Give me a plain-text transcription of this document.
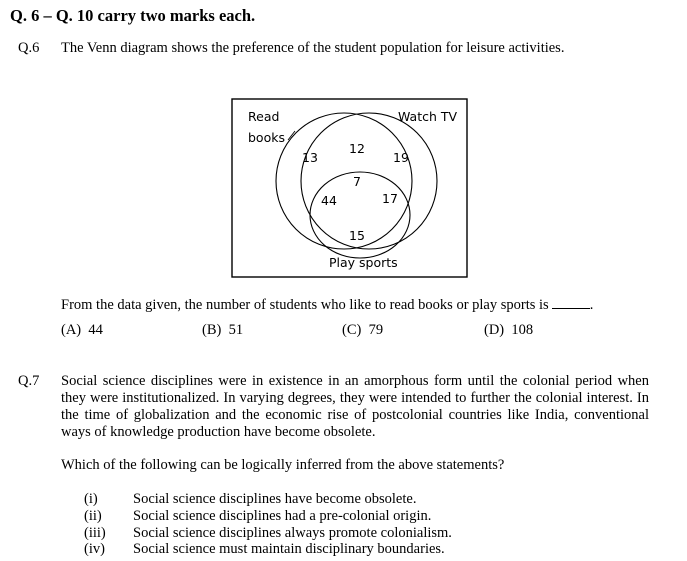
Q. 6 – Q. 10 carry two marks each.
Q.6 The Venn diagram shows the preference of the student population for leisure activities.
Read
books
Watch TV
Play sports
13
12
19
7
44	17
15
From the data given, the number of students who like to read books or play sports is	.
(A) 44	(B) 51	(C) 79	(D) 108
Q.7 Social science disciplines were in existence in an amorphous form until the colonial period when they were institutionalized. In varying degrees, they were intended to further the colonial interest. In the time of globalization and the economic rise of postcolonial countries like India, conventional ways of knowledge production have become obsolete.
Which of the following can be logically inferred from the above statements?
(i) Social science disciplines have become obsolete.
(ii) Social science disciplines had a pre-colonial origin.
(iii) Social science disciplines always promote colonialism.
(iv) Social science must maintain disciplinary boundaries.
